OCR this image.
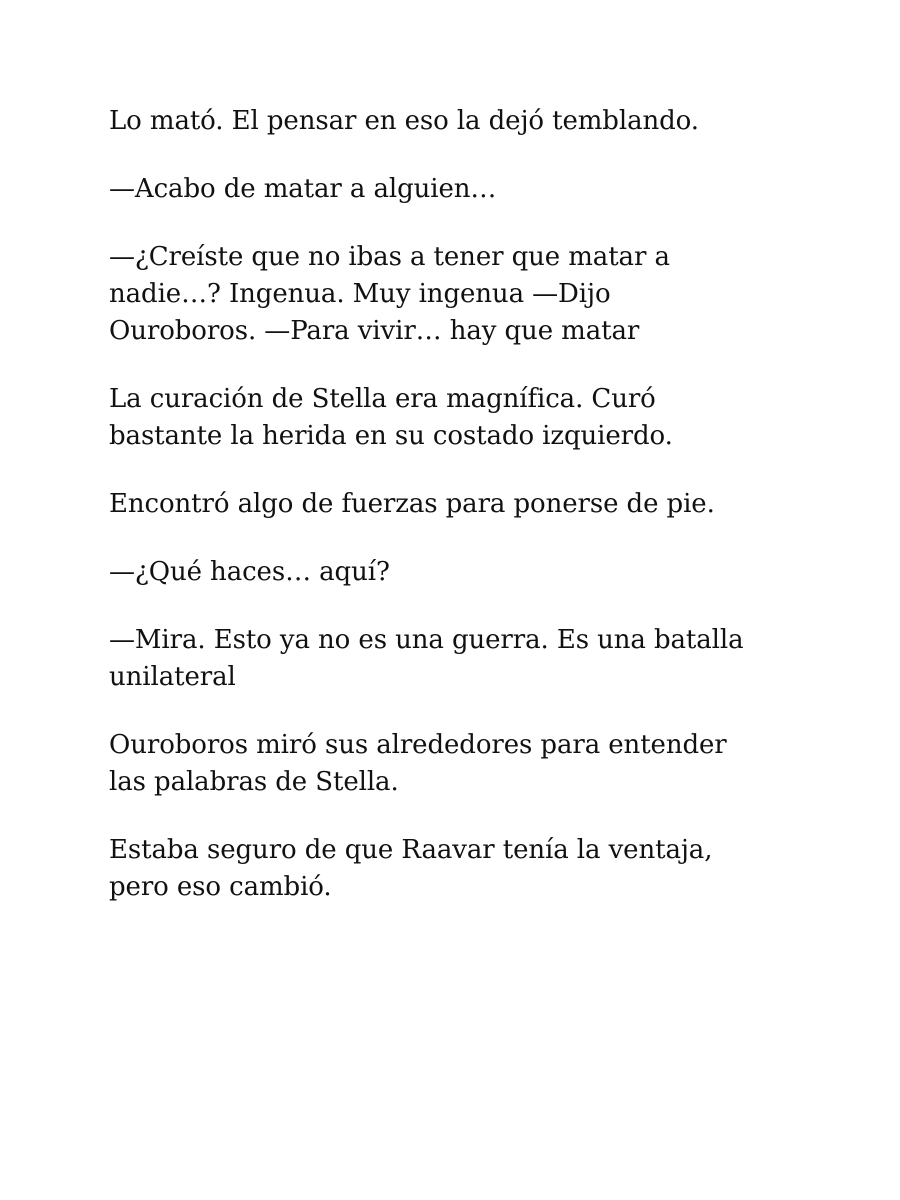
Lo mató. El pensar en eso la dejó temblando.

—Acabo de matar a alguien…

—¿Creíste que no ibas a tener que matar a
nadie…? Ingenua. Muy ingenua —Dijo
Ouroboros. —Para vivir… hay que matar

La curación de Stella era magnífica. Curó
bastante la herida en su costado izquierdo.

Encontró algo de fuerzas para ponerse de pie.

—¿Qué haces… aquí?

—Mira. Esto ya no es una guerra. Es una batalla
unilateral

Ouroboros miró sus alrededores para entender
las palabras de Stella.

Estaba seguro de que Raavar tenía la ventaja,
pero eso cambió.
